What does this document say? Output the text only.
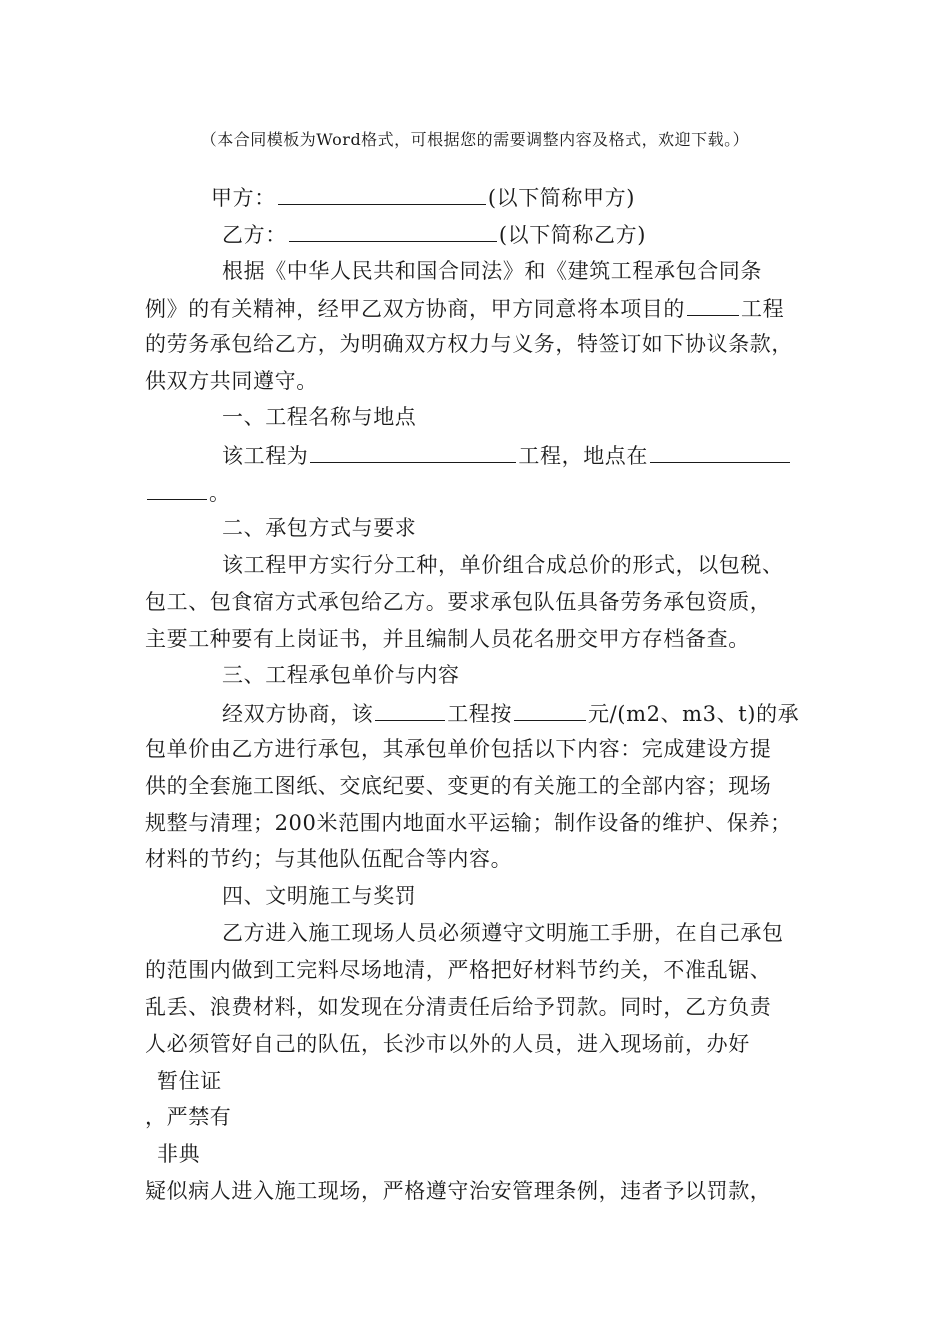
（本合同模板为Word格式，可根据您的需要调整内容及格式，欢迎下载。）
甲方：	(以下简称甲方)
乙方：	(以下简称乙方)
根据《中华人民共和国合同法》和《建筑工程承包合同条
例》的有关精神，经甲乙双方协商，甲方同意将本项目的	工程
的劳务承包给乙方，为明确双方权力与义务，特签订如下协议条款，
供双方共同遵守。
一、工程名称与地点
该工程为	工程，地点在
。
二、承包方式与要求
该工程甲方实行分工种，单价组合成总价的形式，以包税、
包工、包食宿方式承包给乙方。要求承包队伍具备劳务承包资质，
主要工种要有上岗证书，并且编制人员花名册交甲方存档备查。
三、工程承包单价与内容
经双方协商，该	工程按	元/(m2、m3、t)的承
包单价由乙方进行承包，其承包单价包括以下内容：完成建设方提
供的全套施工图纸、交底纪要、变更的有关施工的全部内容；现场
规整与清理；200米范围内地面水平运输；制作设备的维护、保养；
材料的节约；与其他队伍配合等内容。
四、文明施工与奖罚
乙方进入施工现场人员必须遵守文明施工手册，在自己承包
的范围内做到工完料尽场地清，严格把好材料节约关，不准乱锯、
乱丢、浪费材料，如发现在分清责任后给予罚款。同时，乙方负责
人必须管好自己的队伍，长沙市以外的人员，进入现场前，办好
暂住证
，严禁有
非典
疑似病人进入施工现场，严格遵守治安管理条例，违者予以罚款，
